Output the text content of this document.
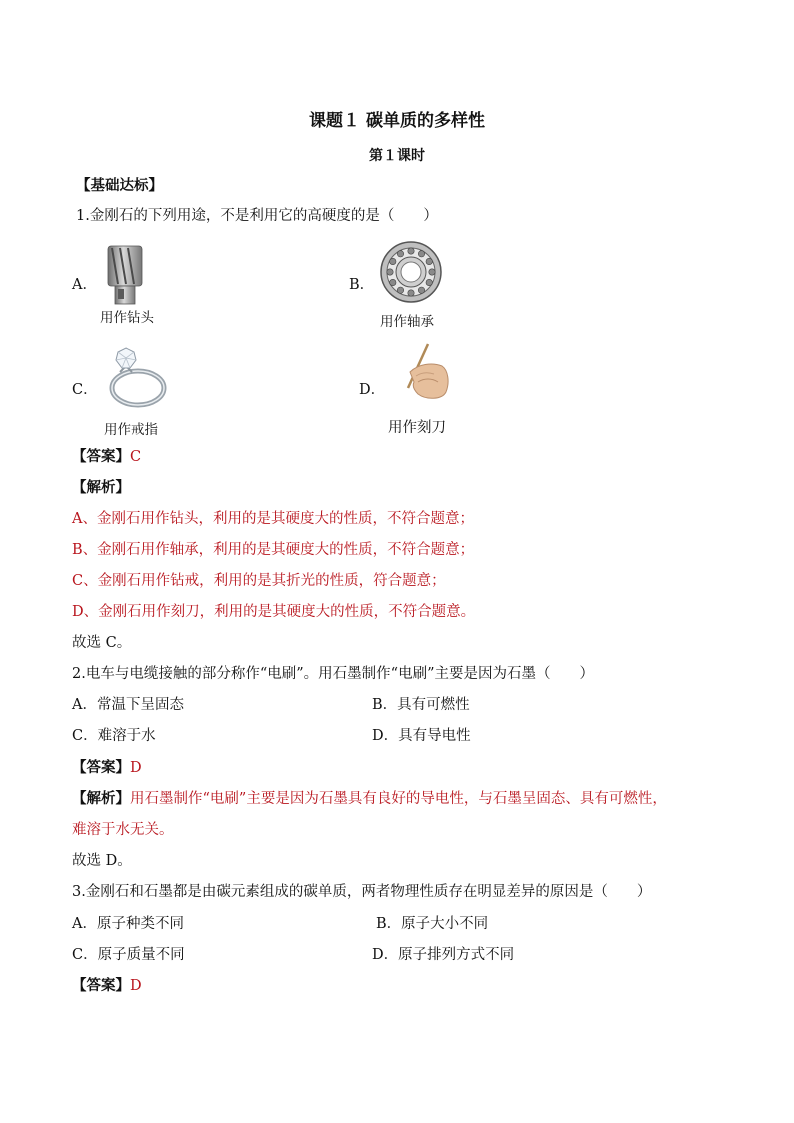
课题１ 碳单质的多样性
第１课时
【基础达标】
1.金刚石的下列用途，不是利用它的高硬度的是（　　）
A．
用作钻头
B．
用作轴承
C．
用作戒指
D．
用作刻刀
【答案】C
【解析】
A、金刚石用作钻头，利用的是其硬度大的性质，不符合题意；
B、金刚石用作轴承，利用的是其硬度大的性质，不符合题意；
C、金刚石用作钻戒，利用的是其折光的性质，符合题意；
D、金刚石用作刻刀，利用的是其硬度大的性质，不符合题意。
故选 C。
2.电车与电缆接触的部分称作“电刷”。用石墨制作“电刷”主要是因为石墨（　　）
A．常温下呈固态	B．具有可燃性
C．难溶于水	D．具有导电性
【答案】D
【解析】用石墨制作“电刷”主要是因为石墨具有良好的导电性，与石墨呈固态、具有可燃性，
难溶于水无关。
故选 D。
3.金刚石和石墨都是由碳元素组成的碳单质，两者物理性质存在明显差异的原因是（　　）
A．原子种类不同	B．原子大小不同
C．原子质量不同	D．原子排列方式不同
【答案】D
